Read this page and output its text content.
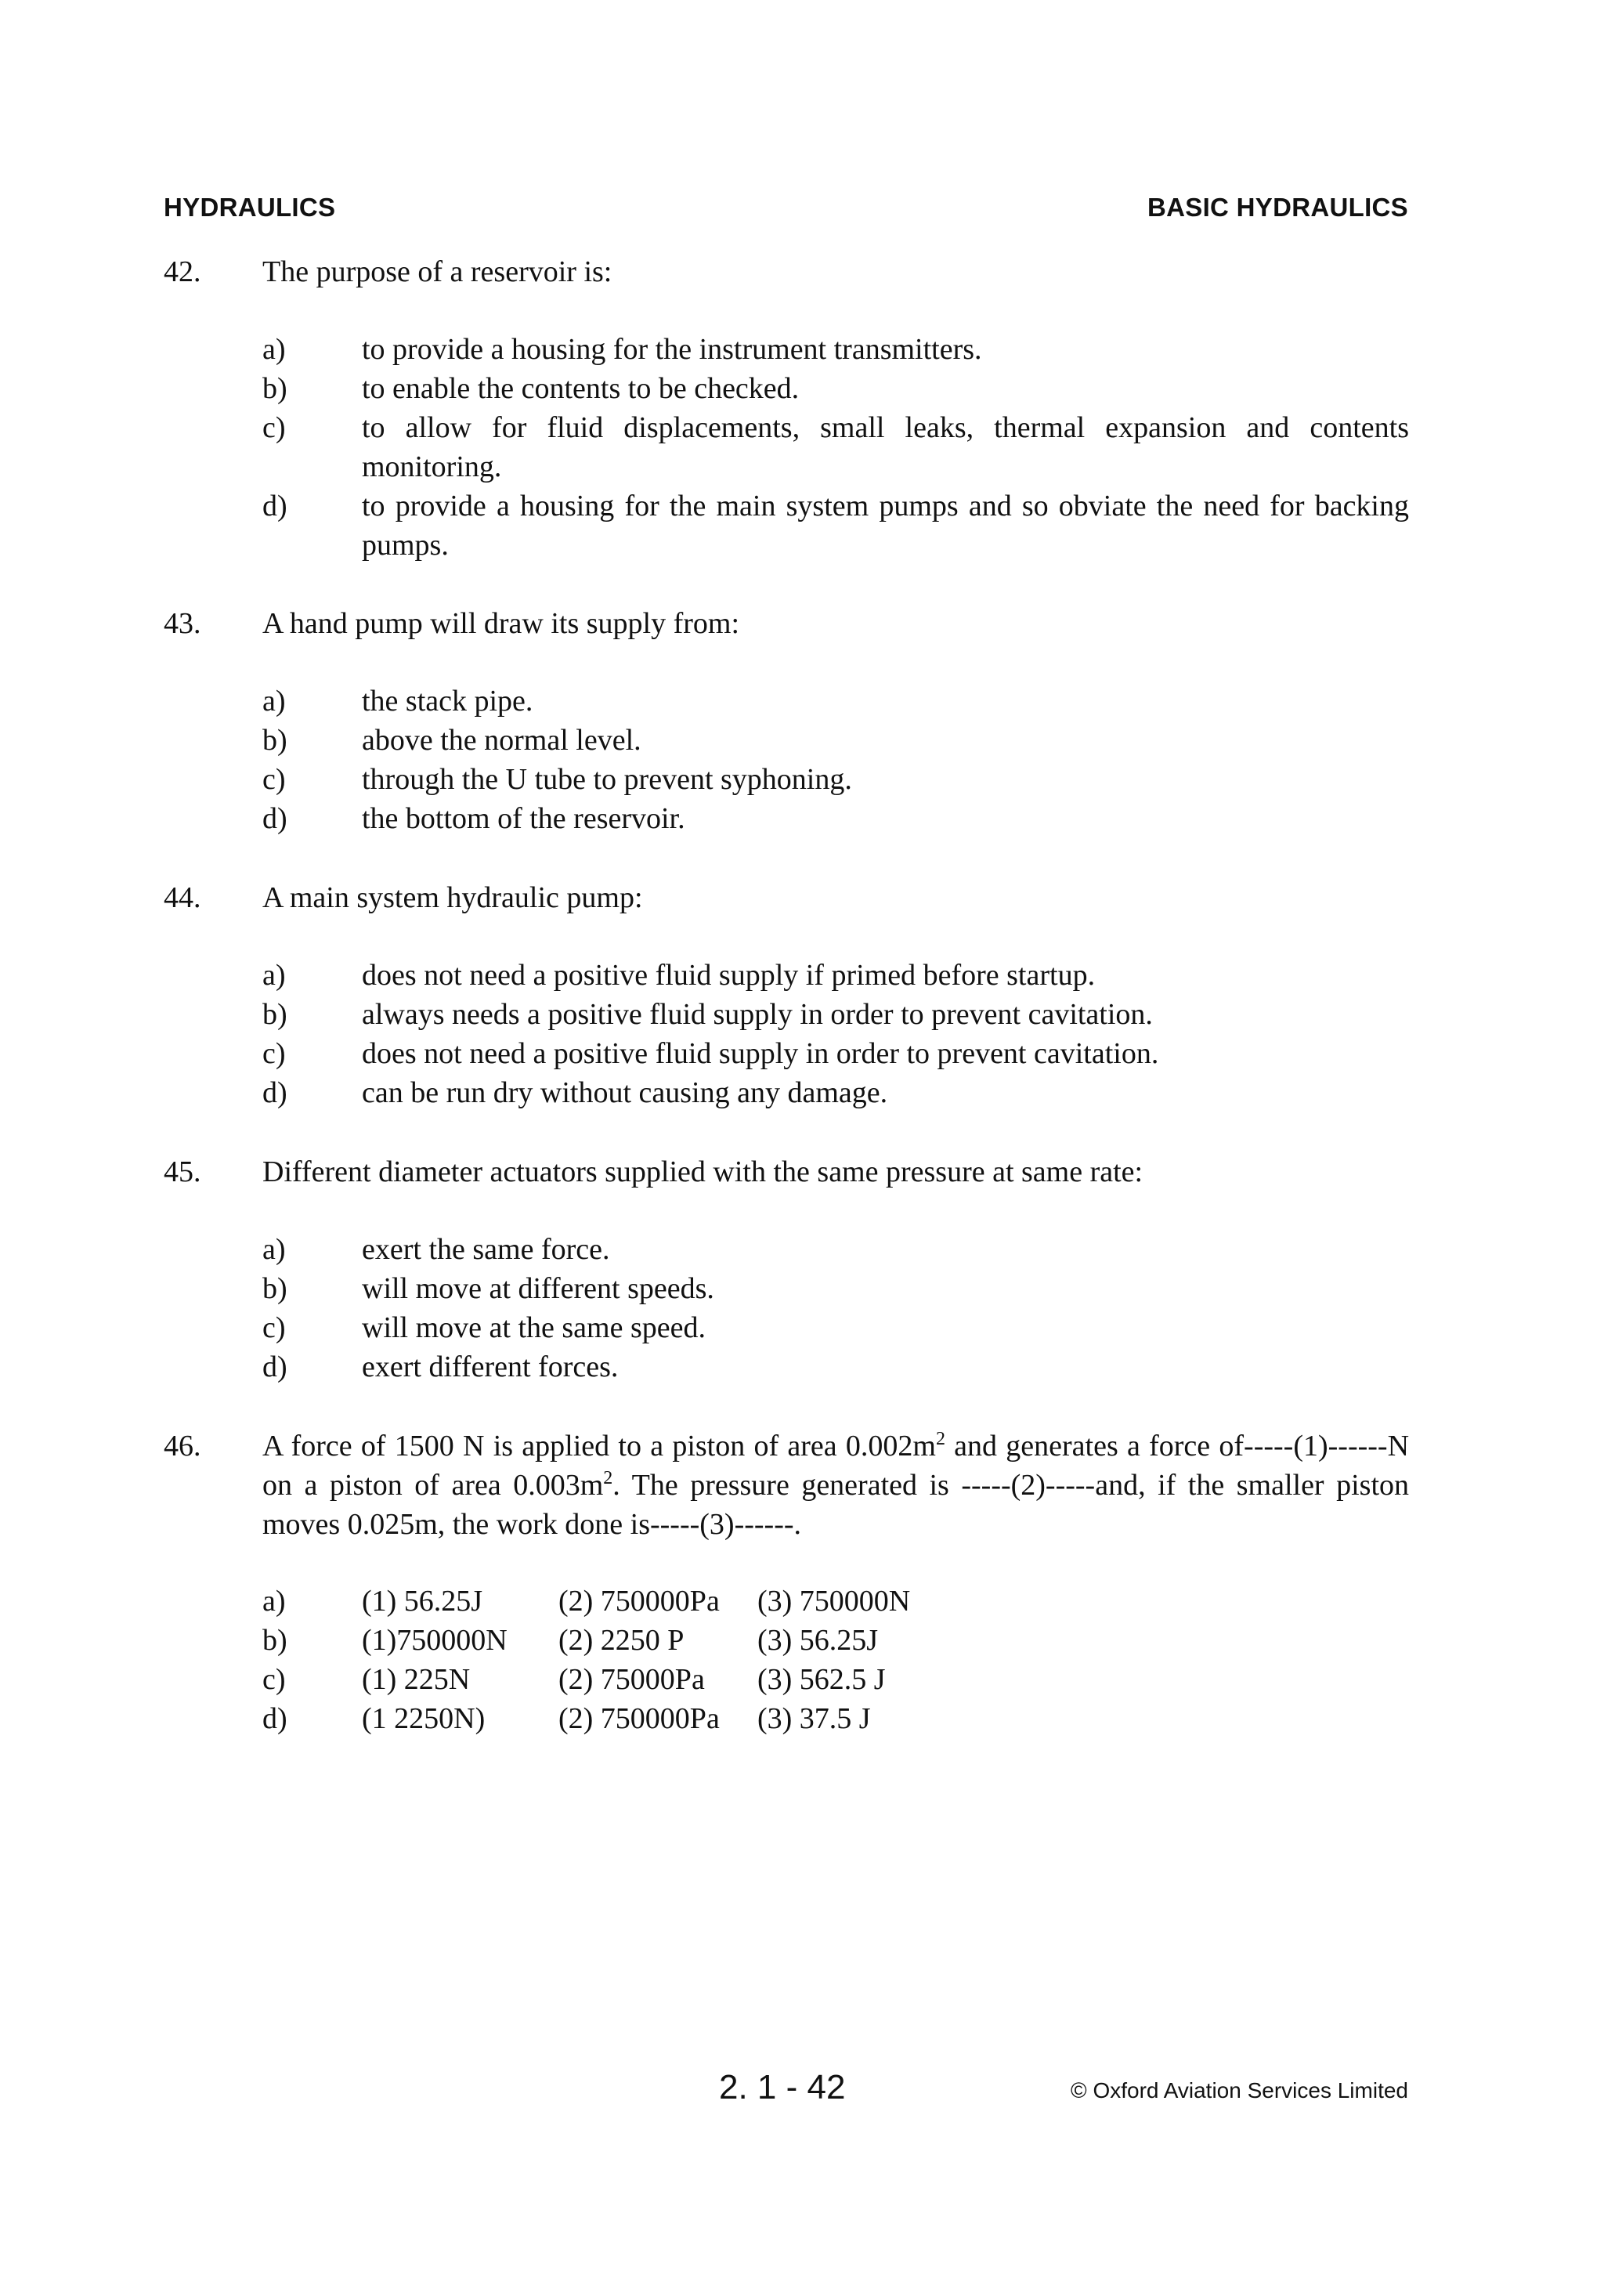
HYDRAULICS	BASIC HYDRAULICS
42. The purpose of a reservoir is:
a)	to provide a housing for the instrument transmitters.
b)	to enable the contents to be checked.
c)	to allow for fluid displacements, small leaks, thermal expansion and contents monitoring.
d)	to provide a housing for the main system pumps and so obviate the need for backing pumps.
43. A hand pump will draw its supply from:
a)	the stack pipe.
b)	above the normal level.
c)	through the U tube to prevent syphoning.
d)	the bottom of the reservoir.
44. A main system hydraulic pump:
a)	does not need a positive fluid supply if primed before startup.
b)	always needs a positive fluid supply in order to prevent cavitation.
c)	does not need a positive fluid supply in order to prevent cavitation.
d)	can be run dry without causing any damage.
45. Different diameter actuators supplied with the same pressure at same rate:
a)	exert the same force.
b)	will move at different speeds.
c)	will move at the same speed.
d)	exert different forces.
46. A force of 1500 N is applied to a piston of area $0.002m^2$ and generates a force of-----(1)------N on a piston of area $0.003m^2$. The pressure generated is -----(2)-----and, if the smaller piston moves 0.025m, the work done is-----(3)------.
a)	(1) 56.25J	(2) 750000Pa (3) 750000N
b)	(1)750000N (2) 2250 P (3) 56.25J
c)	(1) 225N	(2) 75000Pa (3) 562.5 J
d)	(1 2250N) (2) 750000Pa (3) 37.5 J
2. 1 - 42	© Oxford Aviation Services Limited
